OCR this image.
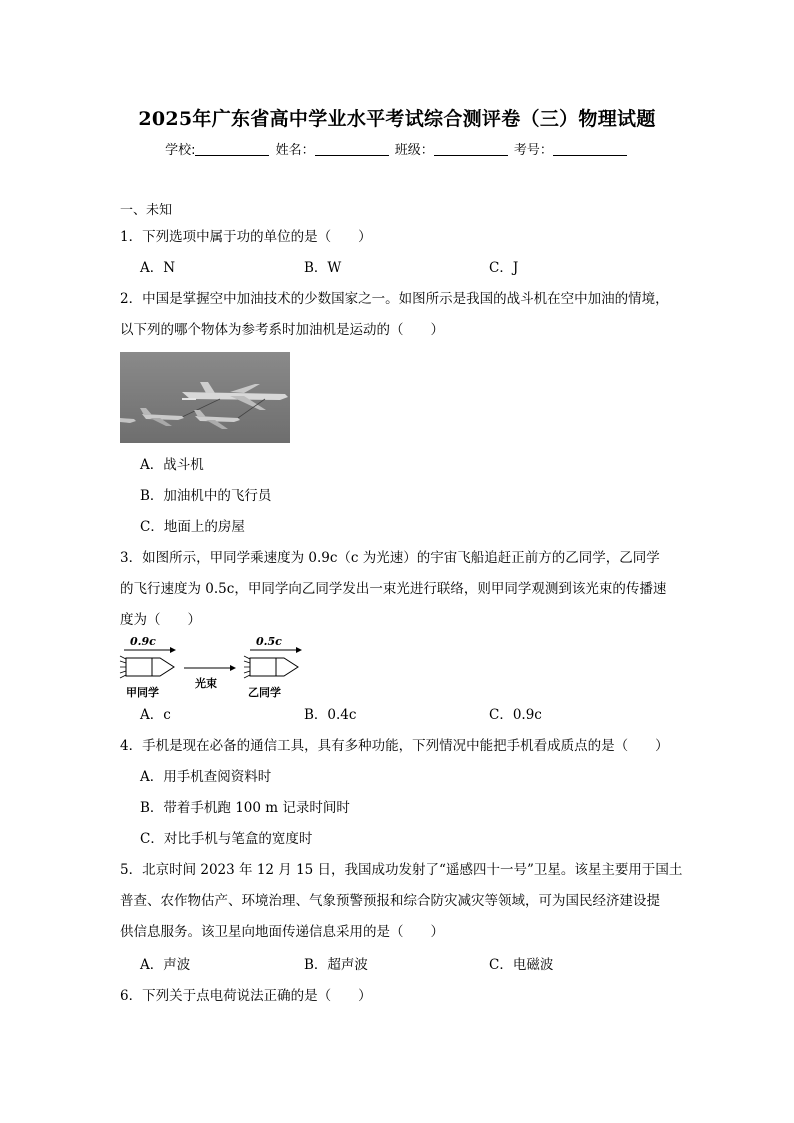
2025年广东省高中学业水平考试综合测评卷（三）物理试题
学校:	姓名：	班级：	考号：
一、未知
1．下列选项中属于功的单位的是（　　）
A．N	B．W	C．J
2．中国是掌握空中加油技术的少数国家之一。如图所示是我国的战斗机在空中加油的情境，
以下列的哪个物体为参考系时加油机是运动的（　　）
A．战斗机
B．加油机中的飞行员
C．地面上的房屋
3．如图所示，甲同学乘速度为 0.9c（c 为光速）的宇宙飞船追赶正前方的乙同学，乙同学
的飞行速度为 0.5c，甲同学向乙同学发出一束光进行联络，则甲同学观测到该光束的传播速
度为（　　）
0.9c
光束
0.5c
甲同学	乙同学
A．c	B．0.4c	C．0.9c
4．手机是现在必备的通信工具，具有多种功能，下列情况中能把手机看成质点的是（　　）
A．用手机查阅资料时
B．带着手机跑 100 m 记录时间时
C．对比手机与笔盒的宽度时
5．北京时间 2023 年 12 月 15 日，我国成功发射了“遥感四十一号”卫星。该星主要用于国土
普查、农作物估产、环境治理、气象预警预报和综合防灾减灾等领域，可为国民经济建设提
供信息服务。该卫星向地面传递信息采用的是（　　）
A．声波	B．超声波	C．电磁波
6．下列关于点电荷说法正确的是（　　）
